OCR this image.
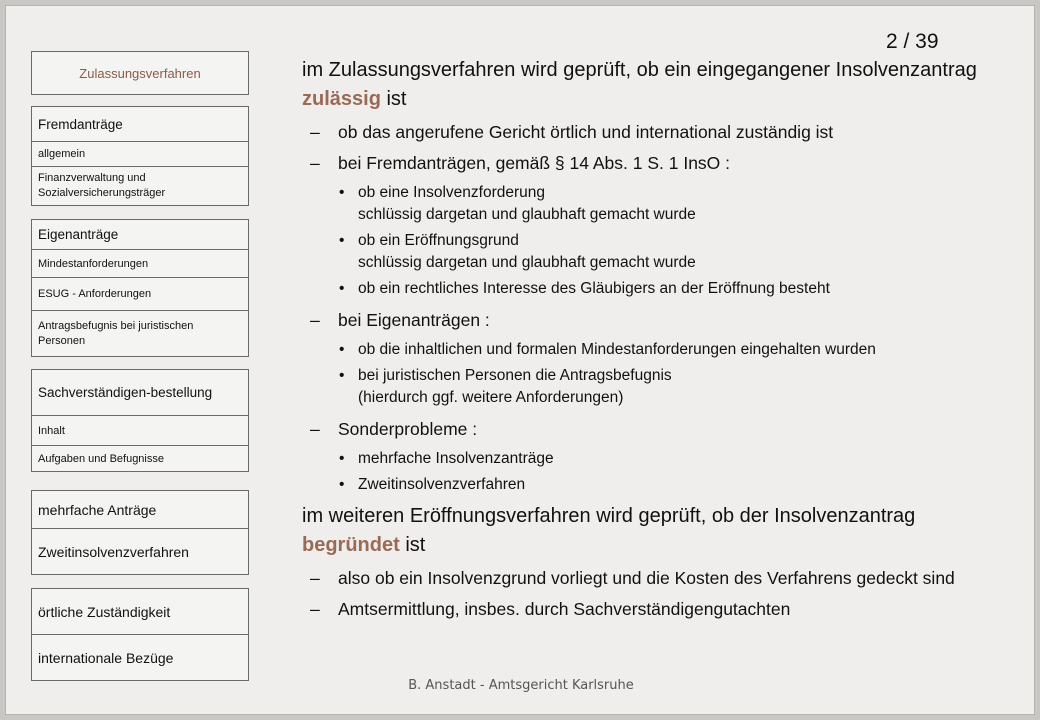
Zulassungsverfahren
Fremdanträge
allgemein
Finanzverwaltung und Sozialversicherungsträger
Eigenanträge
Mindestanforderungen
ESUG - Anforderungen
Antragsbefugnis bei juristischen Personen
Sachverständigen-bestellung
Inhalt
Aufgaben und Befugnisse
mehrfache Anträge
Zweitinsolvenzverfahren
örtliche Zuständigkeit
internationale Bezüge
2 / 39
im Zulassungsverfahren wird geprüft, ob ein eingegangener Insolvenzantrag zulässig ist
–	ob das angerufene Gericht örtlich und international zuständig ist
–	bei Fremdanträgen, gemäß § 14 Abs. 1 S. 1 InsO :
• ob eine Insolvenzforderung
schlüssig dargetan und glaubhaft gemacht wurde
• ob ein Eröffnungsgrund
schlüssig dargetan und glaubhaft gemacht wurde
• ob ein rechtliches Interesse des Gläubigers an der Eröffnung besteht
–	bei Eigenanträgen :
• ob die inhaltlichen und formalen Mindestanforderungen eingehalten wurden
• bei juristischen Personen die Antragsbefugnis
(hierdurch ggf. weitere Anforderungen)
–	Sonderprobleme :
• mehrfache Insolvenzanträge
• Zweitinsolvenzverfahren
im weiteren Eröffnungsverfahren wird geprüft, ob der Insolvenzantrag begründet ist
–	also ob ein Insolvenzgrund vorliegt und die Kosten des Verfahrens gedeckt sind
–	Amtsermittlung, insbes. durch Sachverständigengutachten
B. Anstadt - Amtsgericht Karlsruhe
